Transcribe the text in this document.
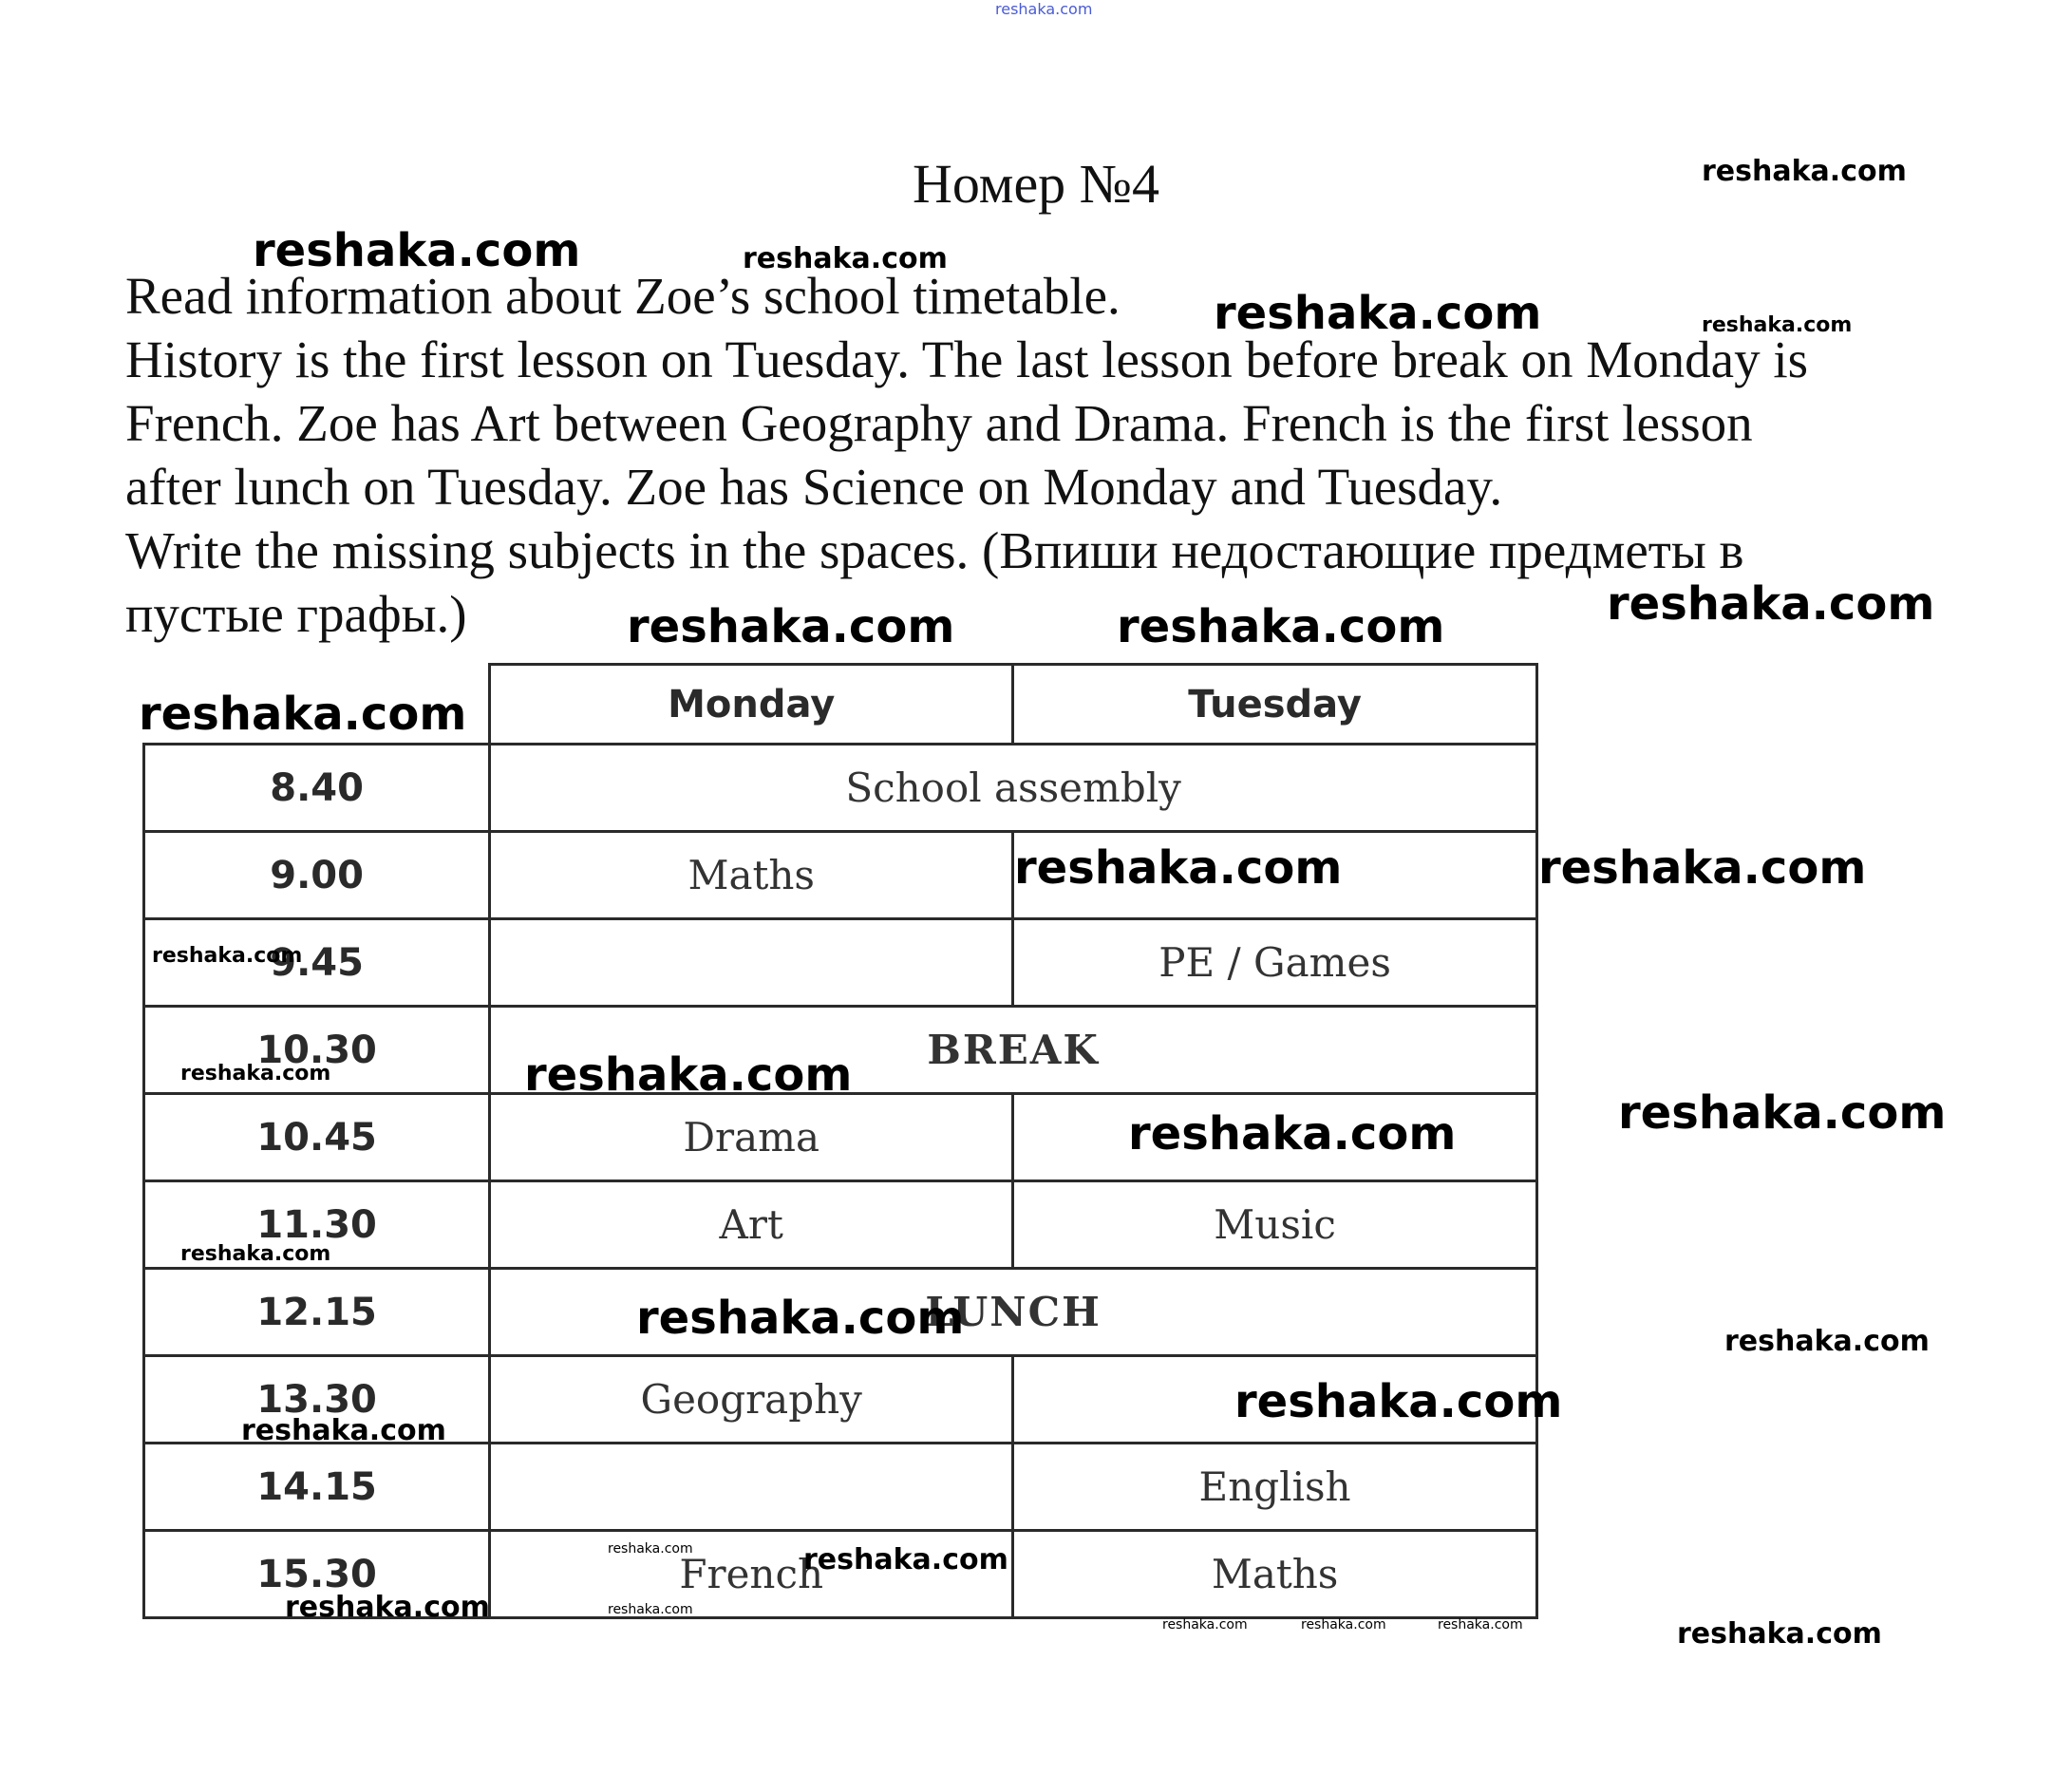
reshaka.com
Номер №4
Read information about Zoe’s school timetable.
History is the first lesson on Tuesday. The last lesson before break on Monday is
French. Zoe has Art between Geography and Drama. French is the first lesson
after lunch on Tuesday. Zoe has Science on Monday and Tuesday.
Write the missing subjects in the spaces. (Впиши недостающие предметы в
пустые графы.)
	Monday	Tuesday
8.40	School assembly	
9.00	Maths	
9.45		PE / Games
10.30	BREAK	
10.45	Drama	
11.30	Art	Music
12.15	LUNCH	
13.30	Geography	
14.15		English
15.30	French	Maths
reshaka.com
reshaka.com	reshaka.com
reshaka.com	reshaka.com
reshaka.com
reshaka.com	reshaka.com
reshaka.com
reshaka.com	reshaka.com
reshaka.com
reshaka.com	reshaka.com
reshaka.com
reshaka.com
reshaka.com
reshaka.com
reshaka.com
reshaka.com
reshaka.com
reshaka.com
reshaka.com
reshaka.com
reshaka.com
reshaka.com
reshaka.com	reshaka.com	reshaka.com
